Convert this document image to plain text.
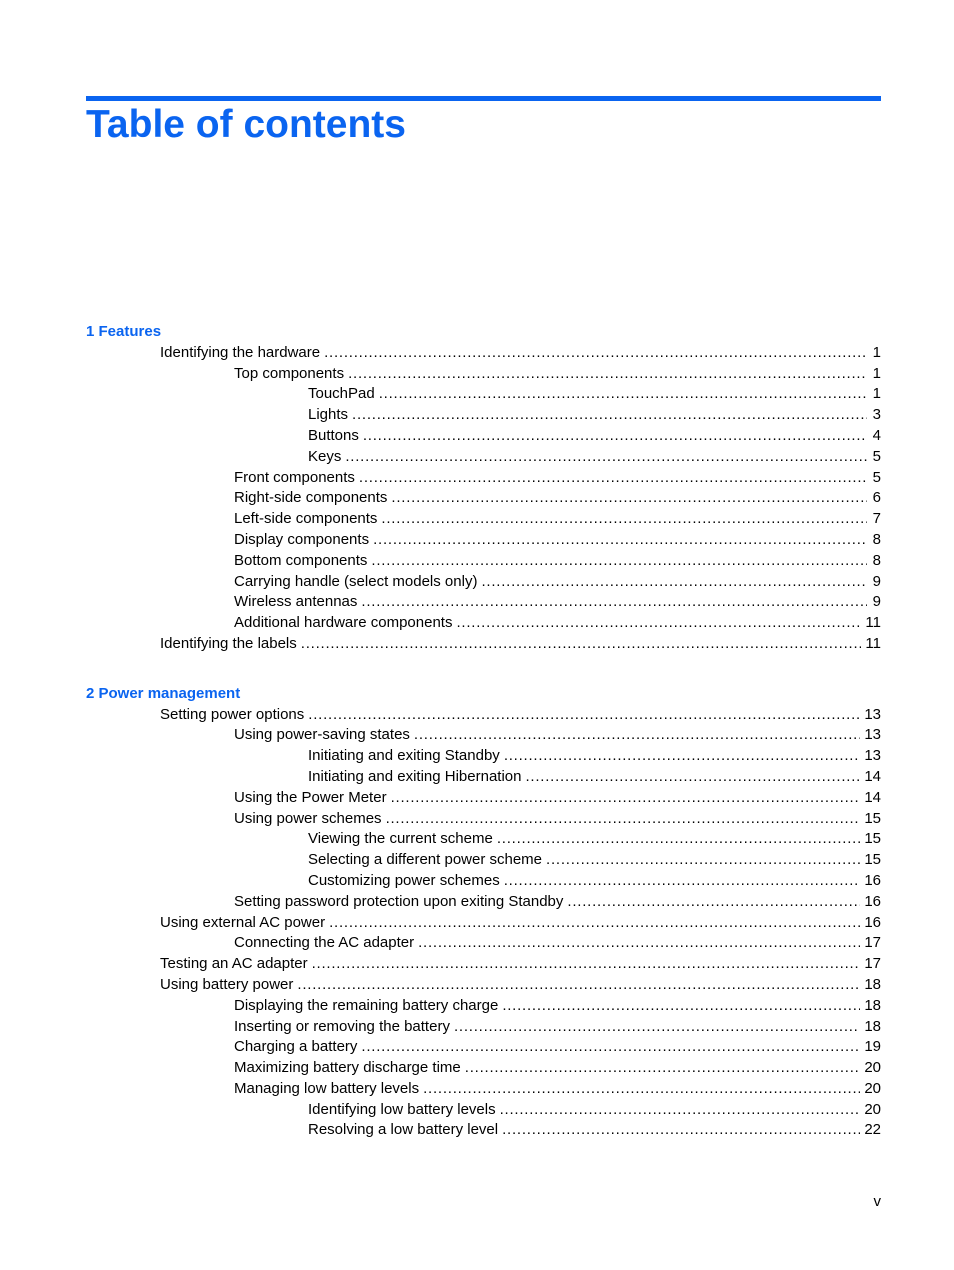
Table of contents
1 Features
Identifying the hardware . . .	1
Top components . . .	1
TouchPad . . .	1
Lights . . .	3
Buttons . . .	4
Keys . . .	5
Front components . . .	5
Right-side components . . .	6
Left-side components . . .	7
Display components . . .	8
Bottom components . . .	8
Carrying handle (select models only) . . .	9
Wireless antennas . . .	9
Additional hardware components . . .	11
Identifying the labels . . .	11
2 Power management
Setting power options . . .	13
Using power-saving states . . .	13
Initiating and exiting Standby . . .	13
Initiating and exiting Hibernation . . .	14
Using the Power Meter . . .	14
Using power schemes . . .	15
Viewing the current scheme . . .	15
Selecting a different power scheme . . .	15
Customizing power schemes . . .	16
Setting password protection upon exiting Standby . . .	16
Using external AC power . . .	16
Connecting the AC adapter . . .	17
Testing an AC adapter . . .	17
Using battery power . . .	18
Displaying the remaining battery charge . . .	18
Inserting or removing the battery . . .	18
Charging a battery . . .	19
Maximizing battery discharge time . . .	20
Managing low battery levels . . .	20
Identifying low battery levels . . .	20
Resolving a low battery level . . .	22
v
